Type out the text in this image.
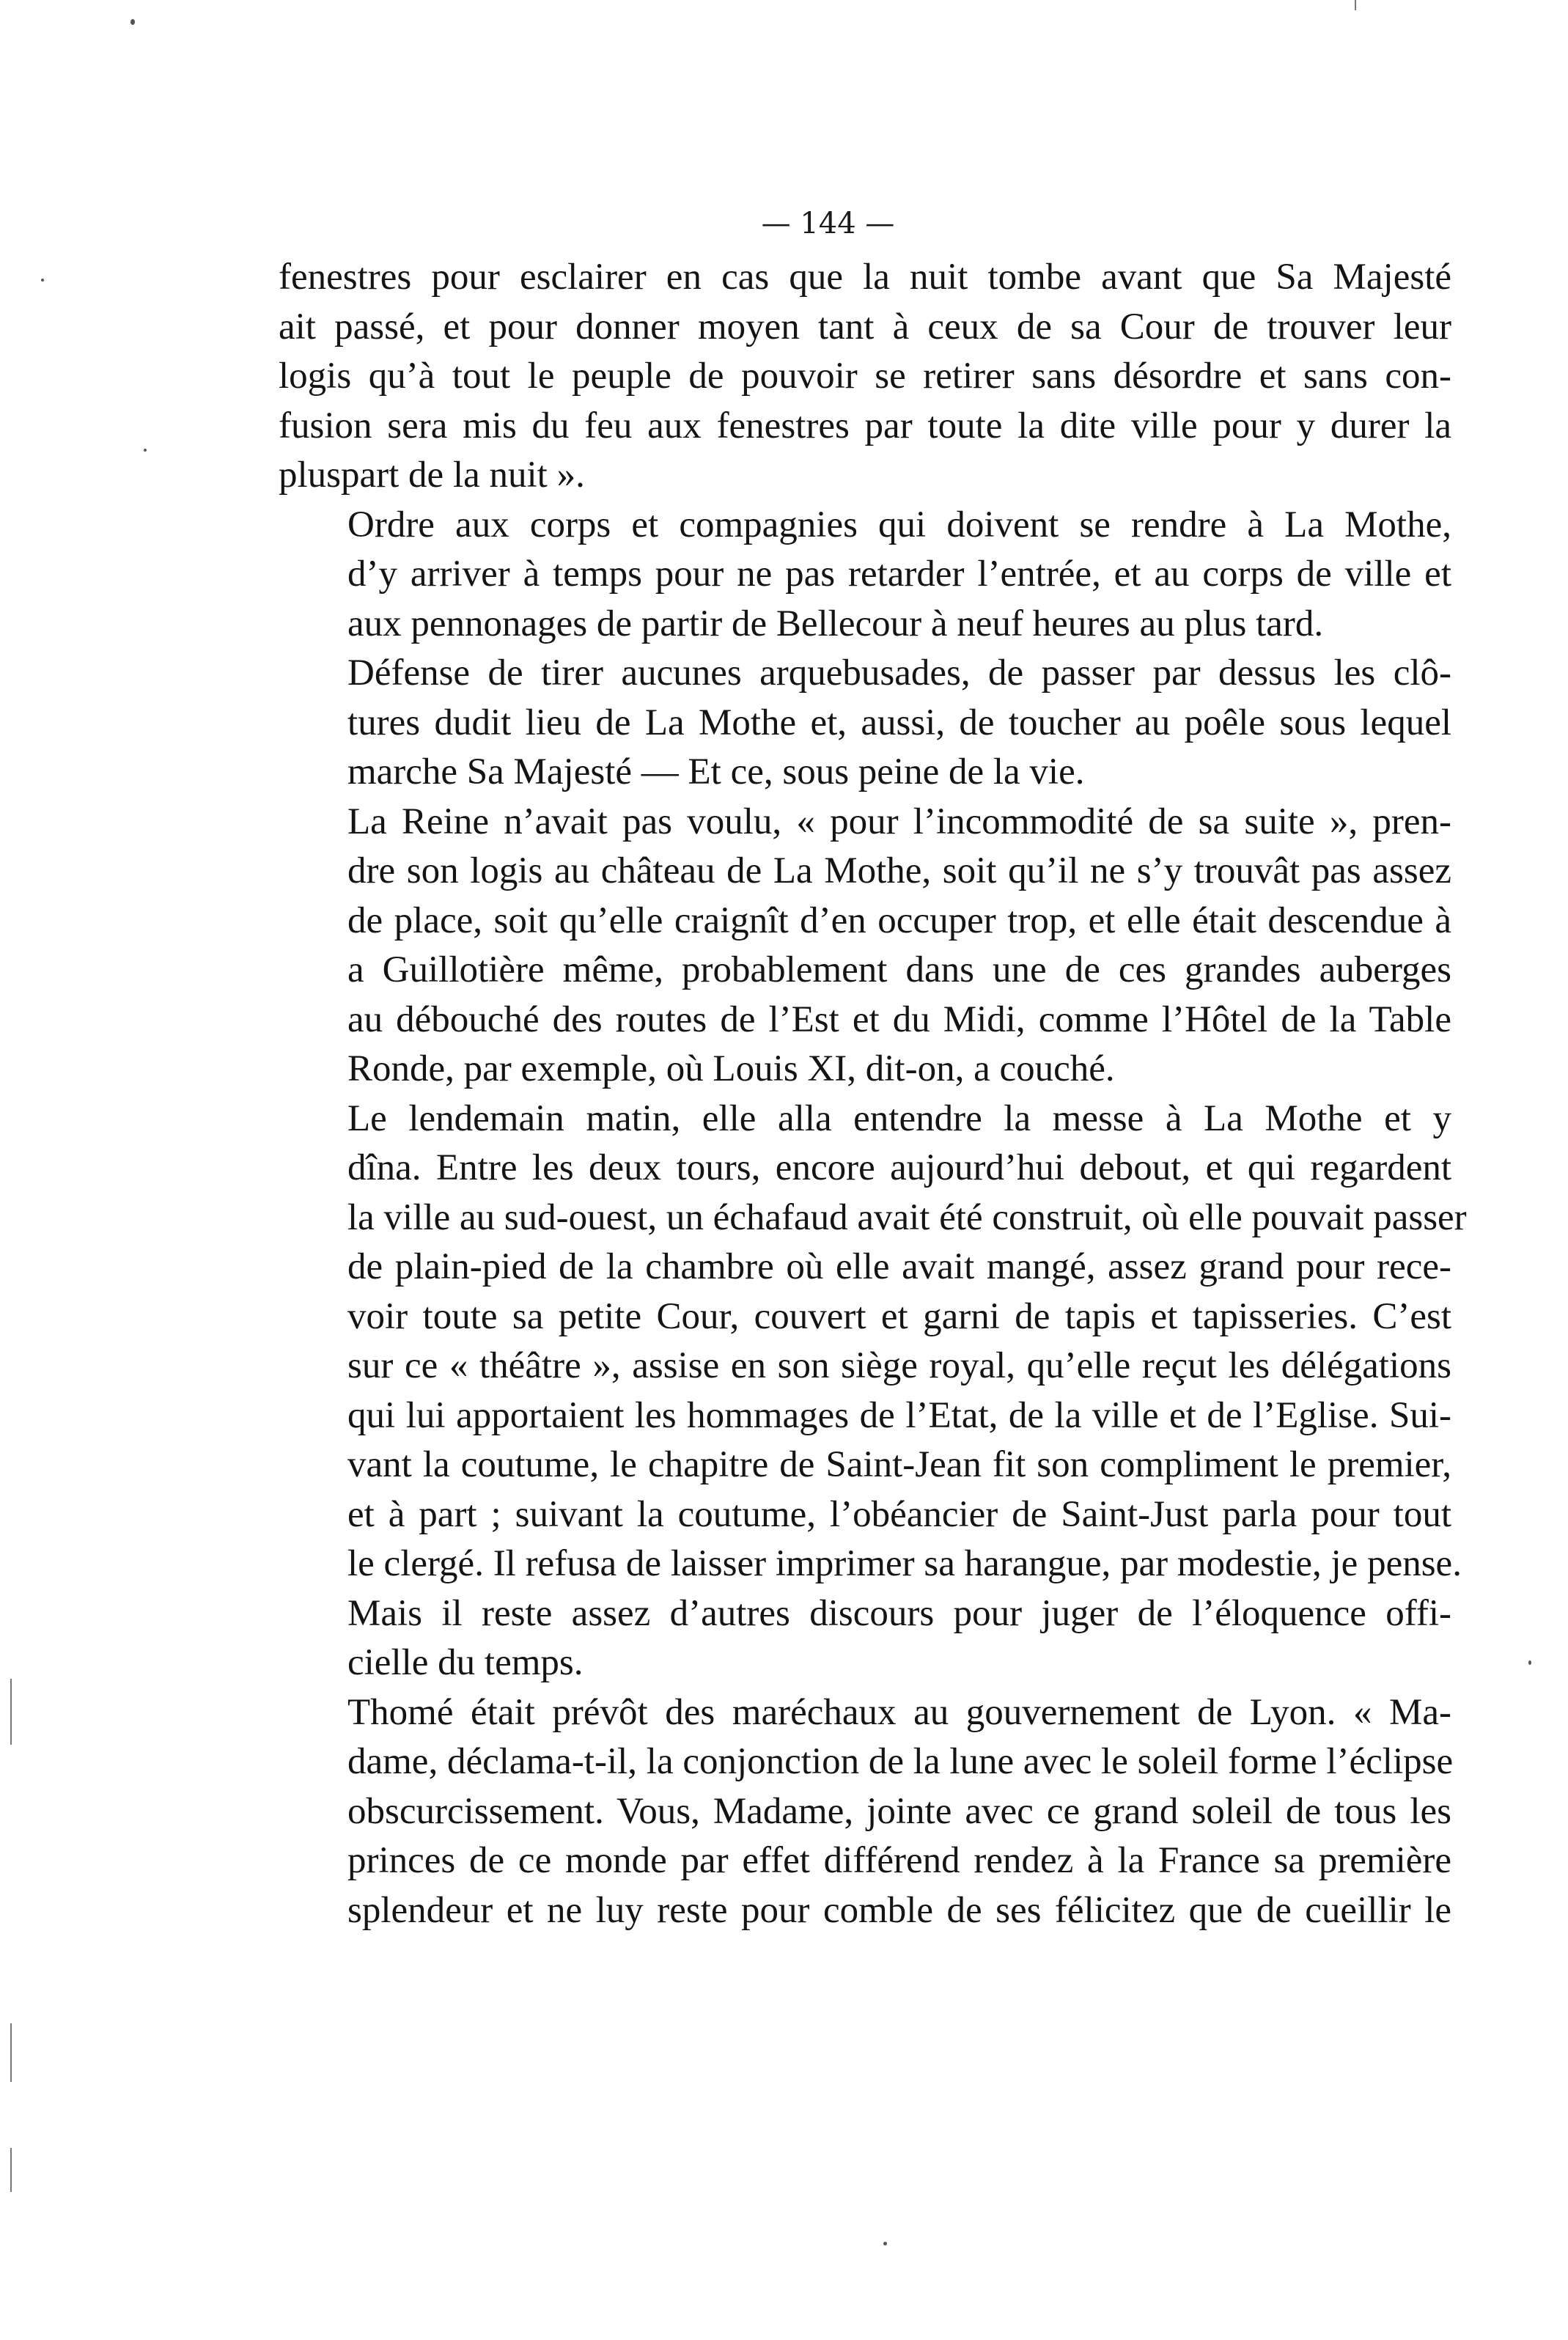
— 144 —

fenestres pour esclairer en cas que la nuit tombe avant que Sa Majesté
ait passé, et pour donner moyen tant à ceux de sa Cour de trouver leur
logis qu’à tout le peuple de pouvoir se retirer sans désordre et sans con-
fusion sera mis du feu aux fenestres par toute la dite ville pour y durer la
pluspart de la nuit ».

Ordre aux corps et compagnies qui doivent se rendre à La Mothe,
d’y arriver à temps pour ne pas retarder l’entrée, et au corps de ville et
aux pennonages de partir de Bellecour à neuf heures au plus tard.

Défense de tirer aucunes arquebusades, de passer par dessus les clô-
tures dudit lieu de La Mothe et, aussi, de toucher au poêle sous lequel
marche Sa Majesté — Et ce, sous peine de la vie.

La Reine n’avait pas voulu, « pour l’incommodité de sa suite », pren-
dre son logis au château de La Mothe, soit qu’il ne s’y trouvât pas assez
de place, soit qu’elle craignît d’en occuper trop, et elle était descendue à
a Guillotière même, probablement dans une de ces grandes auberges
au débouché des routes de l’Est et du Midi, comme l’Hôtel de la Table
Ronde, par exemple, où Louis XI, dit-on, a couché.

Le lendemain matin, elle alla entendre la messe à La Mothe et y
dîna. Entre les deux tours, encore aujourd’hui debout, et qui regardent
la ville au sud-ouest, un échafaud avait été construit, où elle pouvait passer
de plain-pied de la chambre où elle avait mangé, assez grand pour rece-
voir toute sa petite Cour, couvert et garni de tapis et tapisseries. C’est
sur ce « théâtre », assise en son siège royal, qu’elle reçut les délégations
qui lui apportaient les hommages de l’Etat, de la ville et de l’Eglise. Sui-
vant la coutume, le chapitre de Saint-Jean fit son compliment le premier,
et à part ; suivant la coutume, l’obéancier de Saint-Just parla pour tout
le clergé. Il refusa de laisser imprimer sa harangue, par modestie, je pense.

Mais il reste assez d’autres discours pour juger de l’éloquence offi-
cielle du temps.

Thomé était prévôt des maréchaux au gouvernement de Lyon. « Ma-
dame, déclama-t-il, la conjonction de la lune avec le soleil forme l’éclipse
obscurcissement. Vous, Madame, jointe avec ce grand soleil de tous les
princes de ce monde par effet différend rendez à la France sa première
splendeur et ne luy reste pour comble de ses félicitez que de cueillir le
